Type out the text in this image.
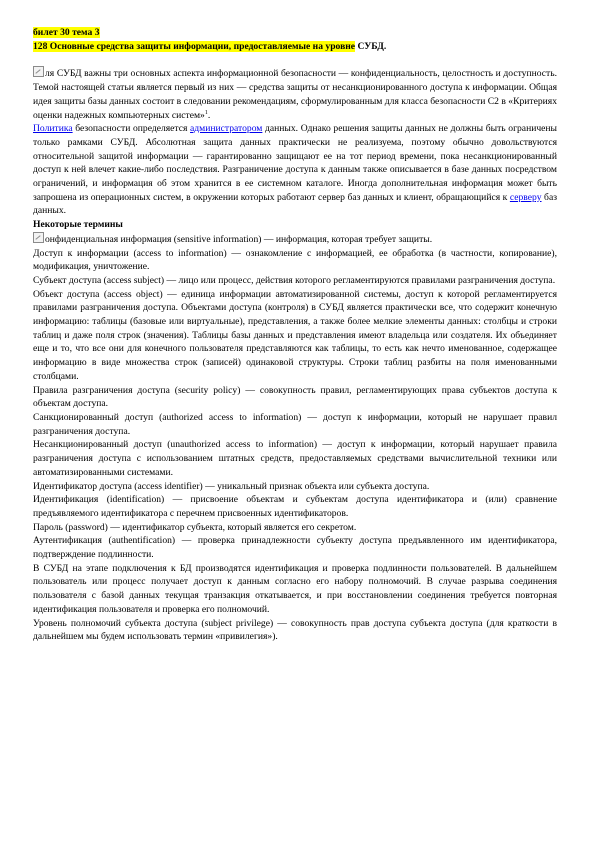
билет 30 тема 3
128 Основные средства защиты информации, предоставляемые на уровне СУБД.

ля СУБД важны три основных аспекта информационной безопасности — конфиденциальность, целостность и доступность. Темой настоящей статьи является первый из них — средства защиты от несанкционированного доступа к информации. Общая идея защиты базы данных состоит в следовании рекомендациям, сформулированным для класса безопасности С2 в «Критериях оценки надежных компьютерных систем»$^1$.

Политика безопасности определяется администратором данных. Однако решения защиты данных не должны быть ограничены только рамками СУБД. Абсолютная защита данных практически не реализуема, поэтому обычно довольствуются относительной защитой информации — гарантированно защищают ее на тот период времени, пока несанкционированный доступ к ней влечет какие-либо последствия. Разграничение доступа к данным также описывается в базе данных посредством ограничений, и информация об этом хранится в ее системном каталоге. Иногда дополнительная информация может быть запрошена из операционных систем, в окружении которых работают сервер баз данных и клиент, обращающийся к серверу баз данных.

Некоторые термины

онфиденциальная информация (sensitive information) — информация, которая требует защиты.

Доступ к информации (access to information) — ознакомление с информацией, ее обработка (в частности, копирование), модификация, уничтожение.

Субъект доступа (access subject) — лицо или процесс, действия которого регламентируются правилами разграничения доступа.

Объект доступа (access object) — единица информации автоматизированной системы, доступ к которой регламентируется правилами разграничения доступа. Объектами доступа (контроля) в СУБД является практически все, что содержит конечную информацию: таблицы (базовые или виртуальные), представления, а также более мелкие элементы данных: столбцы и строки таблиц и даже поля строк (значения). Таблицы базы данных и представления имеют владельца или создателя. Их объединяет еще и то, что все они для конечного пользователя представляются как таблицы, то есть как нечто именованное, содержащее информацию в виде множества строк (записей) одинаковой структуры. Строки таблиц разбиты на поля именованными столбцами.

Правила разграничения доступа (security policy) — совокупность правил, регламентирующих права субъектов доступа к объектам доступа.

Санкционированный доступ (authorized access to information) — доступ к информации, который не нарушает правил разграничения доступа.

Несанкционированный доступ (unauthorized access to information) — доступ к информации, который нарушает правила разграничения доступа с использованием штатных средств, предоставляемых средствами вычислительной техники или автоматизированными системами.

Идентификатор доступа (access identifier) — уникальный признак объекта или субъекта доступа.

Идентификация (identification) — присвоение объектам и субъектам доступа идентификатора и (или) сравнение предъявляемого идентификатора с перечнем присвоенных идентификаторов.

Пароль (password) — идентификатор субъекта, который является его секретом.

Аутентификация (authentification) — проверка принадлежности субъекту доступа предъявленного им идентификатора, подтверждение подлинности.

В СУБД на этапе подключения к БД производятся идентификация и проверка подлинности пользователей. В дальнейшем пользователь или процесс получает доступ к данным согласно его набору полномочий. В случае разрыва соединения пользователя с базой данных текущая транзакция откатывается, и при восстановлении соединения требуется повторная идентификация пользователя и проверка его полномочий.

Уровень полномочий субъекта доступа (subject privilege) — совокупность прав доступа субъекта доступа (для краткости в дальнейшем мы будем использовать термин «привилегия»).
